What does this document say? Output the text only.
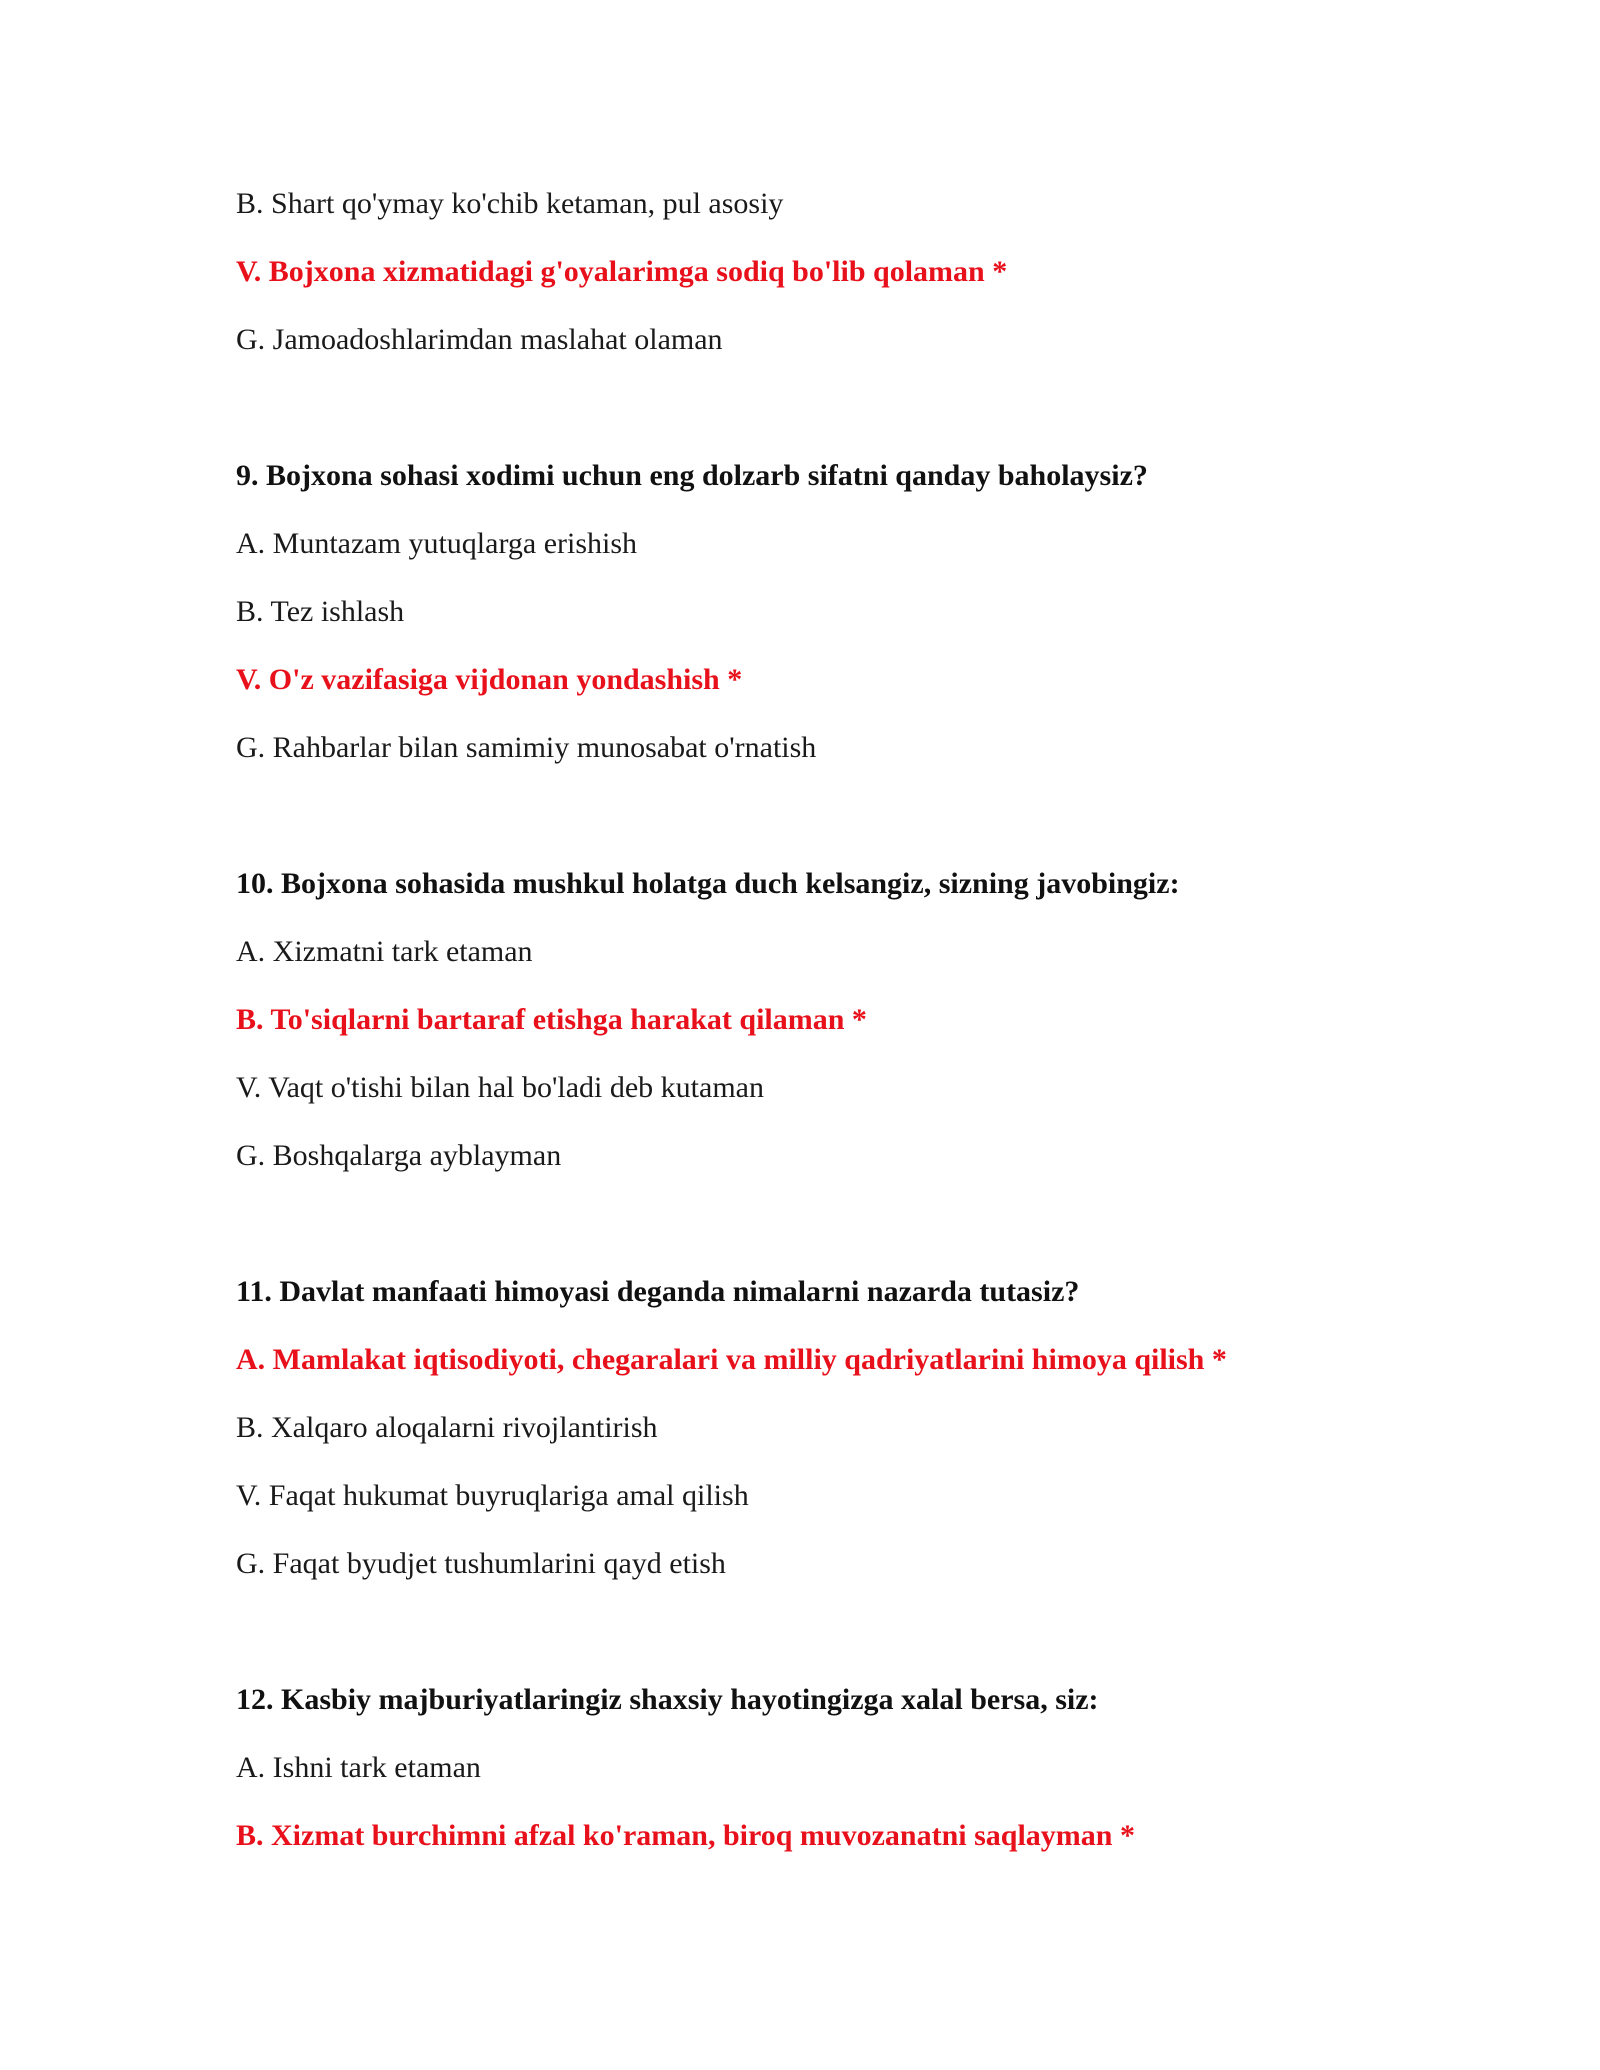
B. Shart qo'ymay ko'chib ketaman, pul asosiy
V. Bojxona xizmatidagi g'oyalarimga sodiq bo'lib qolaman *
G. Jamoadoshlarimdan maslahat olaman
9. Bojxona sohasi xodimi uchun eng dolzarb sifatni qanday baholaysiz?
A. Muntazam yutuqlarga erishish
B. Tez ishlash
V. O'z vazifasiga vijdonan yondashish *
G. Rahbarlar bilan samimiy munosabat o'rnatish
10. Bojxona sohasida mushkul holatga duch kelsangiz, sizning javobingiz:
A. Xizmatni tark etaman
B. To'siqlarni bartaraf etishga harakat qilaman *
V. Vaqt o'tishi bilan hal bo'ladi deb kutaman
G. Boshqalarga ayblayman
11. Davlat manfaati himoyasi deganda nimalarni nazarda tutasiz?
A. Mamlakat iqtisodiyoti, chegaralari va milliy qadriyatlarini himoya qilish *
B. Xalqaro aloqalarni rivojlantirish
V. Faqat hukumat buyruqlariga amal qilish
G. Faqat byudjet tushumlarini qayd etish
12. Kasbiy majburiyatlaringiz shaxsiy hayotingizga xalal bersa, siz:
A. Ishni tark etaman
B. Xizmat burchimni afzal ko'raman, biroq muvozanatni saqlayman *
